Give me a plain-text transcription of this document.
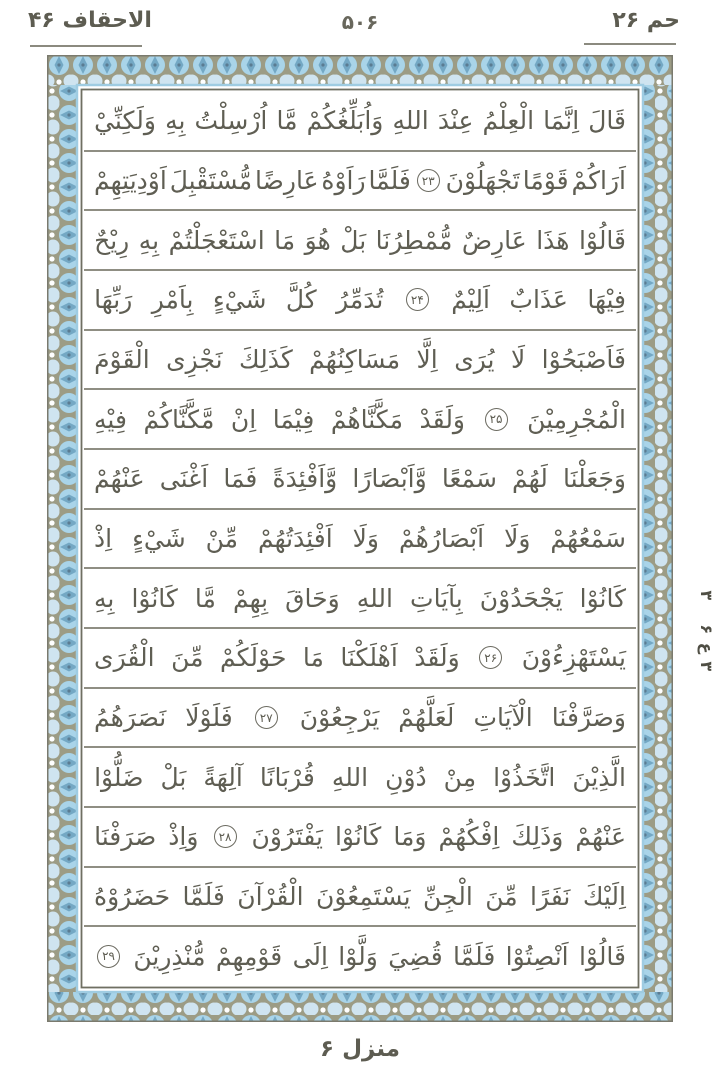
الاحقاف ۴۶	۵۰۶	حم ۲۶
قَالَ
اِنَّمَا
الْعِلْمُ
عِنْدَ
اللهِ
وَاُبَلِّغُكُمْ
مَّا
اُرْسِلْتُ
بِهِ
وَلَكِنِّيْ
اَرَاكُمْ
قَوْمًا
تَجْهَلُوْنَ
۲۳
فَلَمَّا
رَاَوْهُ
عَارِضًا
مُّسْتَقْبِلَ
اَوْدِيَتِهِمْ
قَالُوْا
هَذَا
عَارِضٌ
مُّمْطِرُنَا
بَلْ
هُوَ
مَا
اسْتَعْجَلْتُمْ
بِهِ
رِيْحٌ
فِيْهَا
عَذَابٌ
اَلِيْمٌ
۲۴
تُدَمِّرُ
كُلَّ
شَيْءٍ
بِاَمْرِ
رَبِّهَا
فَاَصْبَحُوْا
لَا
يُرَى
اِلَّا
مَسَاكِنُهُمْ
كَذَلِكَ
نَجْزِى
الْقَوْمَ
الْمُجْرِمِيْنَ
۲۵
وَلَقَدْ
مَكَّنَّاهُمْ
فِيْمَا
اِنْ
مَّكَّنَّاكُمْ
فِيْهِ
وَجَعَلْنَا
لَهُمْ
سَمْعًا
وَّاَبْصَارًا
وَّاَفْئِدَةً
فَمَا
اَغْنَى
عَنْهُمْ
سَمْعُهُمْ
وَلَا
اَبْصَارُهُمْ
وَلَا
اَفْئِدَتُهُمْ
مِّنْ
شَيْءٍ
اِذْ
كَانُوْا
يَجْحَدُوْنَ
بِآيَاتِ
اللهِ
وَحَاقَ
بِهِمْ
مَّا
كَانُوْا
بِهِ
يَسْتَهْزِءُوْنَ
۲۶
وَلَقَدْ
اَهْلَكْنَا
مَا
حَوْلَكُمْ
مِّنَ
الْقُرَى
وَصَرَّفْنَا
الْآيَاتِ
لَعَلَّهُمْ
يَرْجِعُوْنَ
۲۷
فَلَوْلَا
نَصَرَهُمُ
الَّذِيْنَ
اتَّخَذُوْا
مِنْ
دُوْنِ
اللهِ
قُرْبَانًا
آلِهَةً
بَلْ
ضَلُّوْا
عَنْهُمْ
وَذَلِكَ
اِفْكُهُمْ
وَمَا
كَانُوْا
يَفْتَرُوْنَ
۲۸
وَاِذْ
صَرَفْنَا
اِلَيْكَ
نَفَرًا
مِّنَ
الْجِنِّ
يَسْتَمِعُوْنَ
الْقُرْآنَ
فَلَمَّا
حَضَرُوْهُ
قَالُوْا
اَنْصِتُوْا
فَلَمَّا
قُضِيَ
وَلَّوْا
اِلَى
قَوْمِهِمْ
مُّنْذِرِيْنَ
۲۹
۳
۶
ع
۳
منزل ۶
